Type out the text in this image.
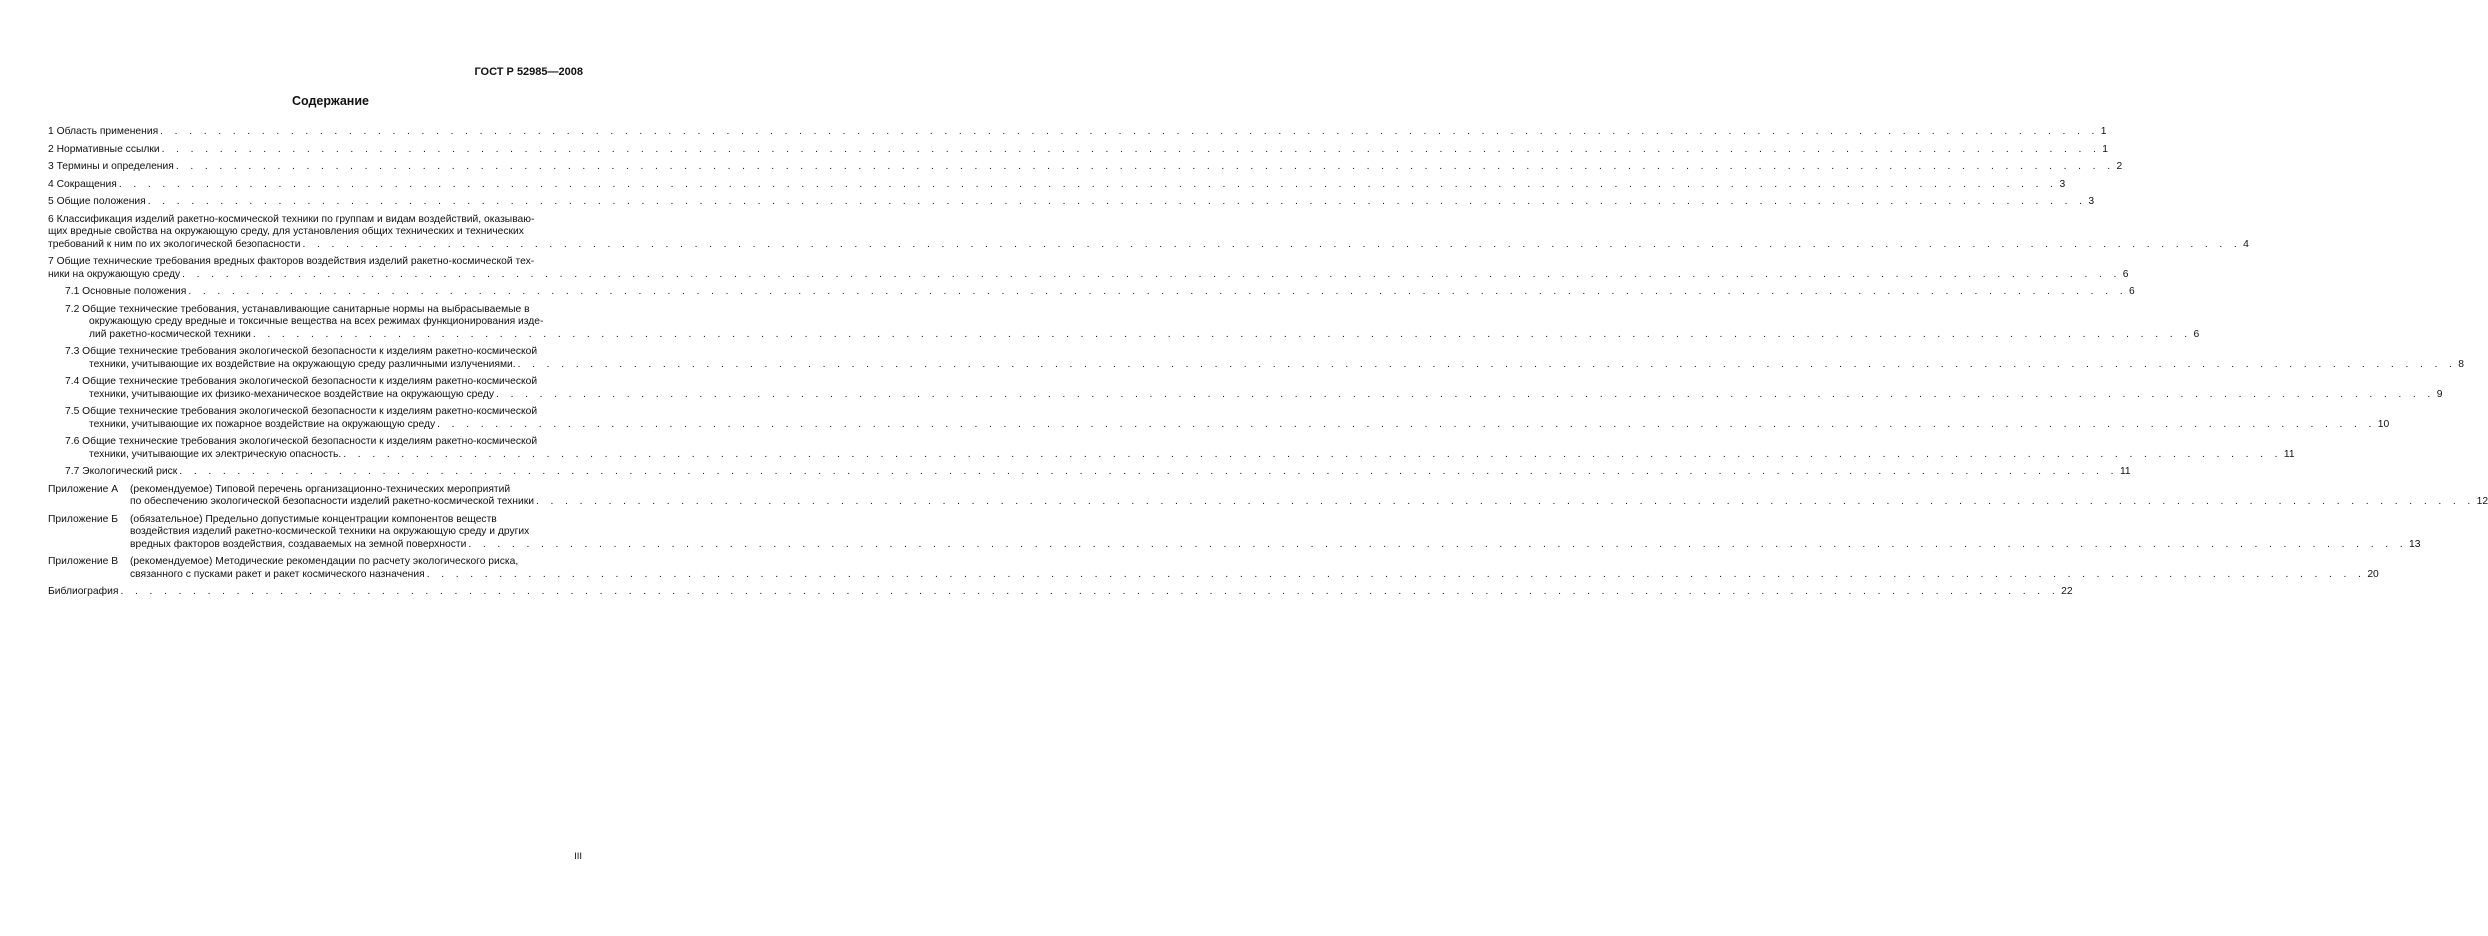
ГОСТ Р 52985—2008
Содержание
1 Область применения . . .	1
2 Нормативные ссылки . . .	1
3 Термины и определения . . .	2
4 Сокращения . . .	3
5 Общие положения . . .	3
6 Классификация изделий ракетно-космической техники по группам и видам воздействий, оказываю-
щих вредные свойства на окружающую среду, для установления общих технических и технических
требований к ним по их экологической безопасности . . .	4
7 Общие технические требования вредных факторов воздействия изделий ракетно-космической тех-
ники на окружающую среду . . .	6
7.1 Основные положения . . .	6
7.2 Общие технические требования, устанавливающие санитарные нормы на выбрасываемые в
окружающую среду вредные и токсичные вещества на всех режимах функционирования изде-
лий ракетно-космической техники . . .	6
7.3 Общие технические требования экологической безопасности к изделиям ракетно-космической
техники, учитывающие их воздействие на окружающую среду различными излучениями. . . .	8
7.4 Общие технические требования экологической безопасности к изделиям ракетно-космической
техники, учитывающие их физико-механическое воздействие на окружающую среду . . .	9
7.5 Общие технические требования экологической безопасности к изделиям ракетно-космической
техники, учитывающие их пожарное воздействие на окружающую среду . . .	10
7.6 Общие технические требования экологической безопасности к изделиям ракетно-космической
техники, учитывающие их электрическую опасность. . . .	11
7.7 Экологический риск . . .	11
Приложение А	(рекомендуемое) Типовой перечень организационно-технических мероприятий
по обеспечению экологической безопасности изделий ракетно-космической техники . . .	12
Приложение Б	(обязательное) Предельно допустимые концентрации компонентов веществ
воздействия изделий ракетно-космической техники на окружающую среду и других
вредных факторов воздействия, создаваемых на земной поверхности . . .	13
Приложение В	(рекомендуемое) Методические рекомендации по расчету экологического риска,
связанного с пусками ракет и ракет космического назначения . . .	20
Библиография . . .	22
III
